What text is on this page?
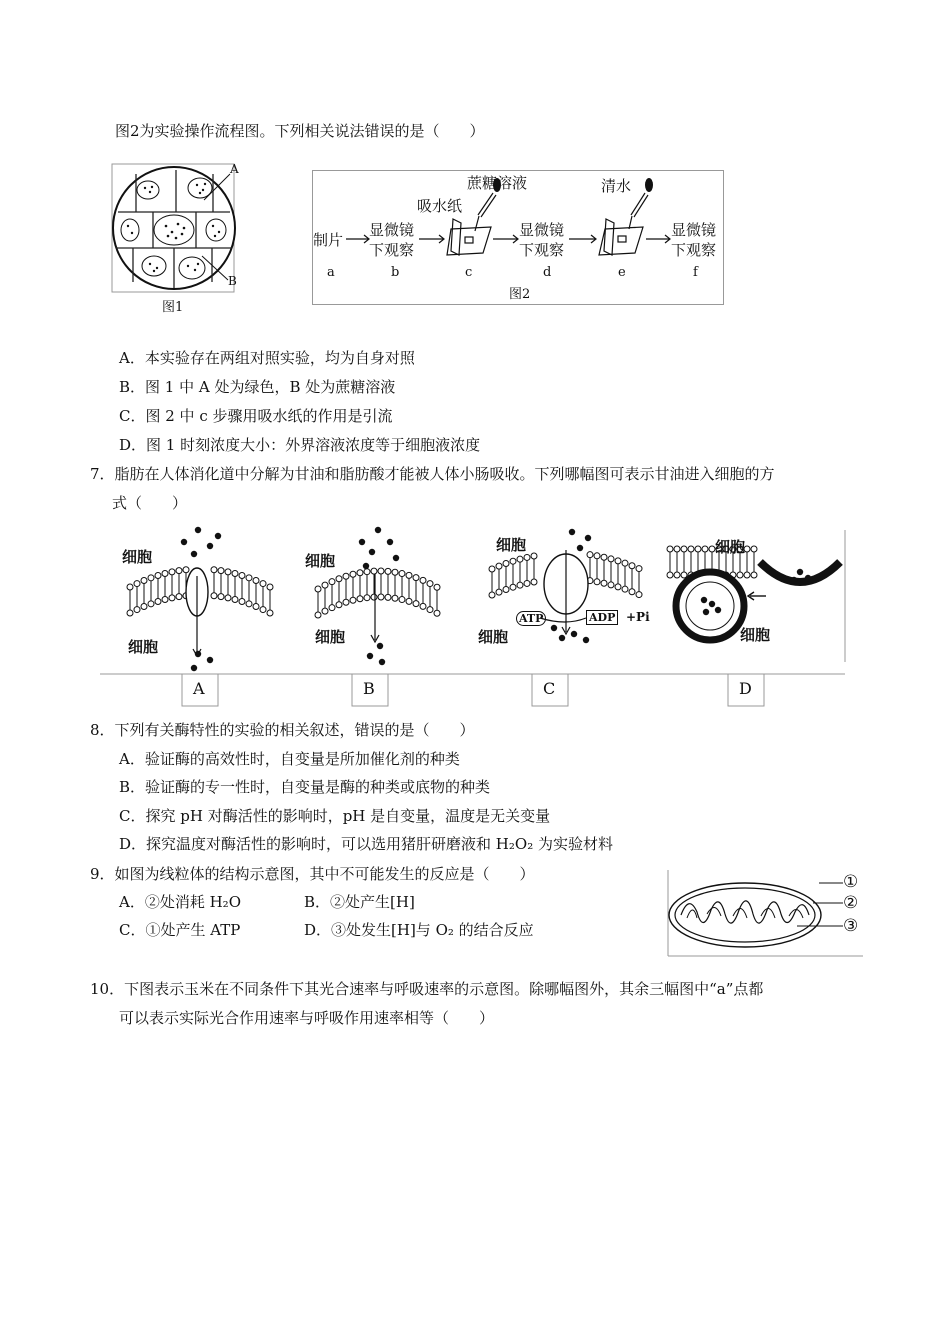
图2为实验操作流程图。下列相关说法错误的是（　　）
A
B
图1
制片
显微镜
下观察
显微镜
下观察
显微镜
下观察
吸水纸
蔗糖溶液	清水
a	b	c	d	e	f
图2
A．本实验存在两组对照实验，均为自身对照
B．图 1 中 A 处为绿色，B 处为蔗糖溶液
C．图 2 中 c 步骤用吸水纸的作用是引流
D．图 1 时刻浓度大小：外界溶液浓度等于细胞液浓度
7．脂肪在人体消化道中分解为甘油和脂肪酸才能被人体小肠吸收。下列哪幅图可表示甘油进入细胞的方
式（　　）
细胞
细胞
细胞
细胞
细胞
细胞
ATP	ADP +Pi
细胞
细胞
A	B	C	D
8．下列有关酶特性的实验的相关叙述，错误的是（　　）
A．验证酶的高效性时，自变量是所加催化剂的种类
B．验证酶的专一性时，自变量是酶的种类或底物的种类
C．探究 pH 对酶活性的影响时，pH 是自变量，温度是无关变量
D．探究温度对酶活性的影响时，可以选用猪肝研磨液和 H₂O₂ 为实验材料
9．如图为线粒体的结构示意图，其中不可能发生的反应是（　　）
A．②处消耗 H₂O	B．②处产生[H]
C．①处产生 ATP	D．③处发生[H]与 O₂ 的结合反应
①
②
③
10．下图表示玉米在不同条件下其光合速率与呼吸速率的示意图。除哪幅图外，其余三幅图中“a”点都
可以表示实际光合作用速率与呼吸作用速率相等（　　）
